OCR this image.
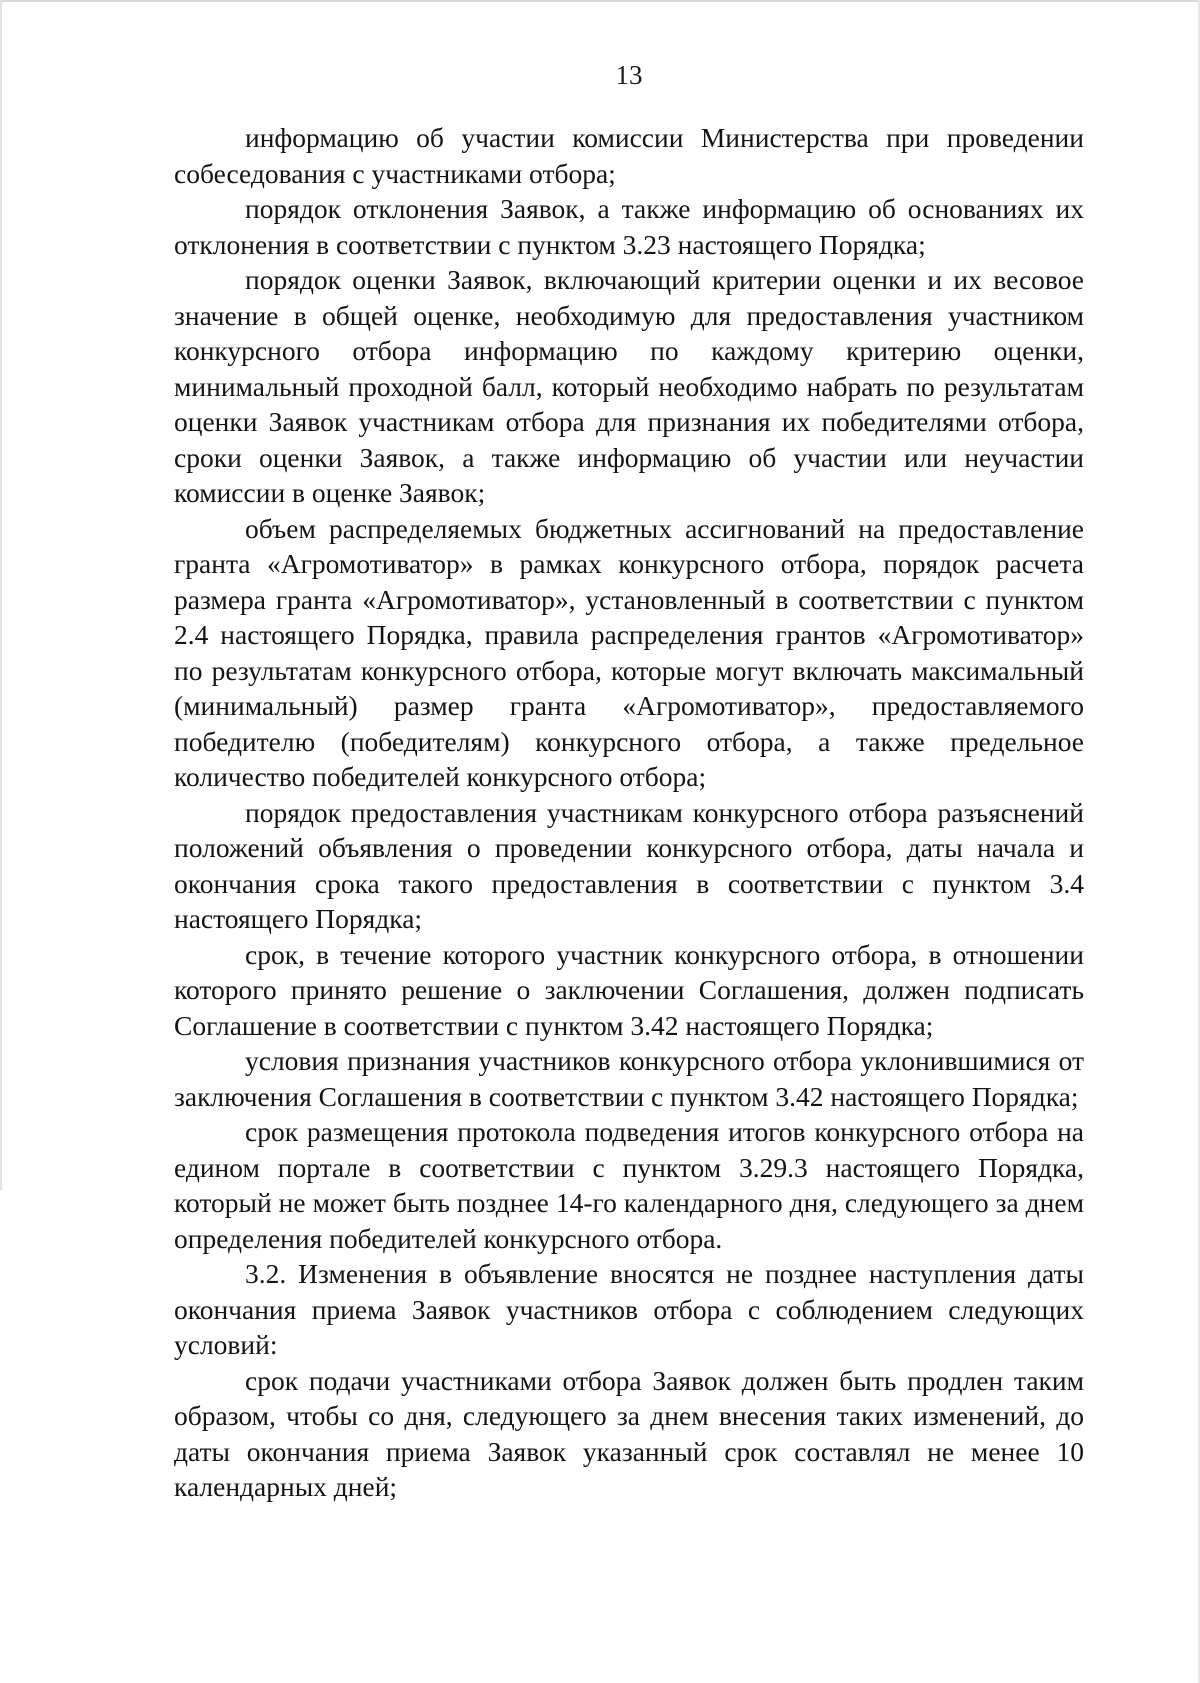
13

информацию об участии комиссии Министерства при проведении собеседования с участниками отбора;

порядок отклонения Заявок, а также информацию об основаниях их отклонения в соответствии с пунктом 3.23 настоящего Порядка;

порядок оценки Заявок, включающий критерии оценки и их весовое значение в общей оценке, необходимую для предоставления участником конкурсного отбора информацию по каждому критерию оценки, минимальный проходной балл, который необходимо набрать по результатам оценки Заявок участникам отбора для признания их победителями отбора, сроки оценки Заявок, а также информацию об участии или неучастии комиссии в оценке Заявок;

объем распределяемых бюджетных ассигнований на предоставление гранта «Агромотиватор» в рамках конкурсного отбора, порядок расчета размера гранта «Агромотиватор», установленный в соответствии с пунктом 2.4 настоящего Порядка, правила распределения грантов «Агромотиватор» по результатам конкурсного отбора, которые могут включать максимальный (минимальный) размер гранта «Агромотиватор», предоставляемого победителю (победителям) конкурсного отбора, а также предельное количество победителей конкурсного отбора;

порядок предоставления участникам конкурсного отбора разъяснений положений объявления о проведении конкурсного отбора, даты начала и окончания срока такого предоставления в соответствии с пунктом 3.4 настоящего Порядка;

срок, в течение которого участник конкурсного отбора, в отношении которого принято решение о заключении Соглашения, должен подписать Соглашение в соответствии с пунктом 3.42 настоящего Порядка;

условия признания участников конкурсного отбора уклонившимися от заключения Соглашения в соответствии с пунктом 3.42 настоящего Порядка;

срок размещения протокола подведения итогов конкурсного отбора на едином портале в соответствии с пунктом 3.29.3 настоящего Порядка, который не может быть позднее 14-го календарного дня, следующего за днем определения победителей конкурсного отбора.

3.2. Изменения в объявление вносятся не позднее наступления даты окончания приема Заявок участников отбора с соблюдением следующих условий:

срок подачи участниками отбора Заявок должен быть продлен таким образом, чтобы со дня, следующего за днем внесения таких изменений, до даты окончания приема Заявок указанный срок составлял не менее 10 календарных дней;
